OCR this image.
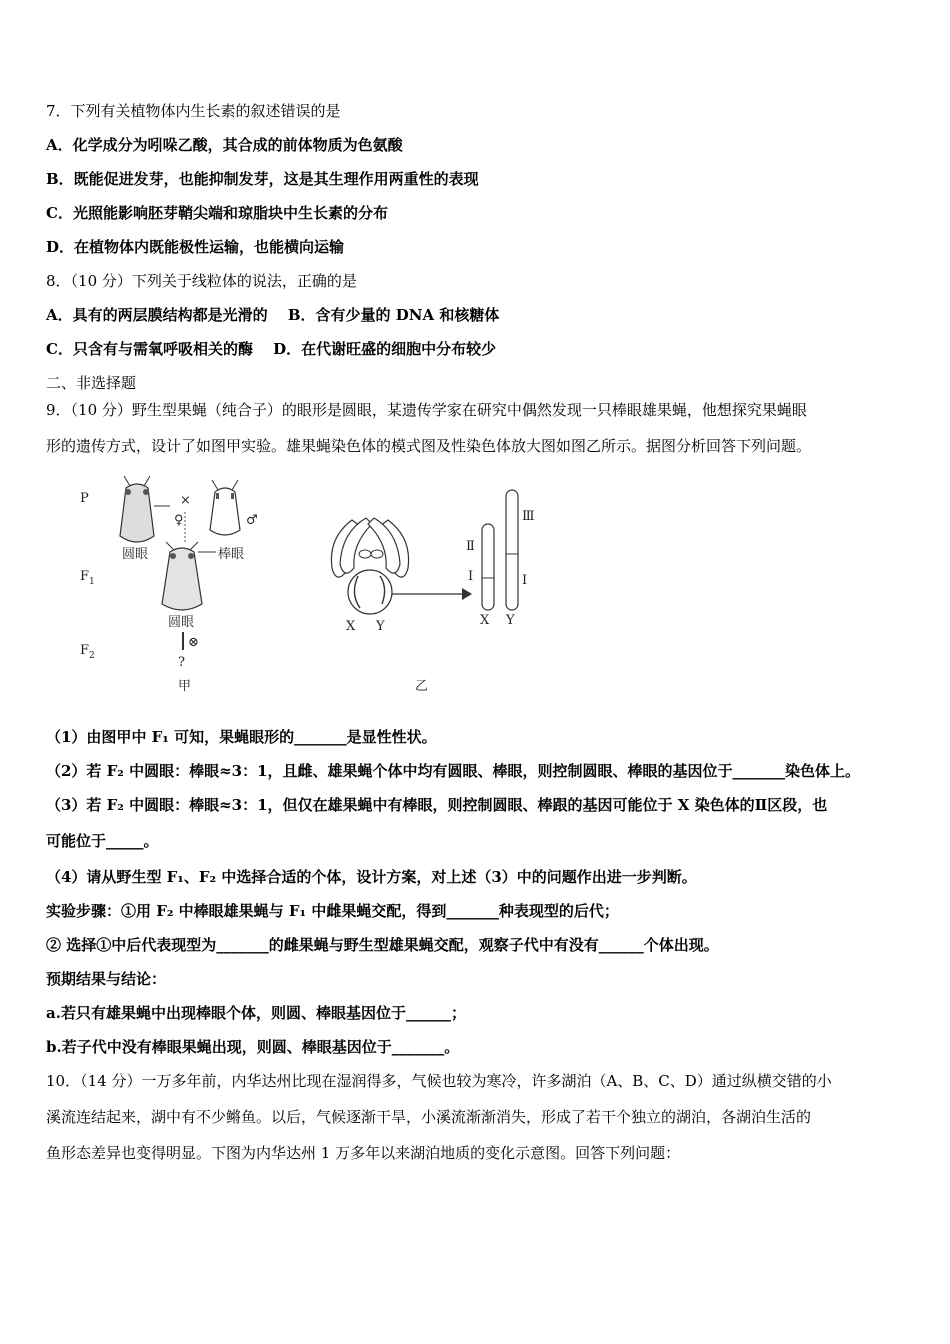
7．下列有关植物体内生长素的叙述错误的是
A．化学成分为吲哚乙酸，其合成的前体物质为色氨酸
B．既能促进发芽，也能抑制发芽，这是其生理作用两重性的表现
C．光照能影响胚芽鞘尖端和琼脂块中生长素的分布
D．在植物体内既能极性运输，也能横向运输
8．（10 分）下列关于线粒体的说法，正确的是
A．具有的两层膜结构都是光滑的　 B．含有少量的 DNA 和核糖体
C．只含有与需氧呼吸相关的酶　 D．在代谢旺盛的细胞中分布较少
二、非选择题
9．（10 分）野生型果蝇（纯合子）的眼形是圆眼，某遗传学家在研究中偶然发现一只棒眼雄果蝇，他想探究果蝇眼
形的遗传方式，设计了如图甲实验。雄果蝇染色体的模式图及性染色体放大图如图乙所示。据图分析回答下列问题。
P
$F_1$
$F_2$
×
♀	♂
圆眼	棒眼
圆眼
⊗
?
甲
X Y
Ⅱ
Ⅰ
Ⅲ
Ⅰ
X Y
乙
（1）由图甲中 F₁ 可知，果蝇眼形的_______是显性性状。
（2）若 F₂ 中圆眼：棒眼≈3：1，且雌、雄果蝇个体中均有圆眼、棒眼，则控制圆眼、棒眼的基因位于_______染色体上。
（3）若 F₂ 中圆眼：棒眼≈3：1，但仅在雄果蝇中有棒眼，则控制圆眼、棒跟的基因可能位于 X 染色体的Ⅱ区段，也
可能位于_____。
（4）请从野生型 F₁、F₂ 中选择合适的个体，设计方案，对上述（3）中的问题作出进一步判断。
实验步骤：①用 F₂ 中棒眼雄果蝇与 F₁ 中雌果蝇交配，得到_______种表现型的后代；
② 选择①中后代表现型为_______的雌果蝇与野生型雄果蝇交配，观察子代中有没有______个体出现。
预期结果与结论：
a.若只有雄果蝇中出现棒眼个体，则圆、棒眼基因位于______；
b.若子代中没有棒眼果蝇出现，则圆、棒眼基因位于_______。
10．（14 分）一万多年前，内华达州比现在湿润得多，气候也较为寒冷，许多湖泊（A、B、C、D）通过纵横交错的小
溪流连结起来，湖中有不少鳉鱼。以后，气候逐渐干旱，小溪流渐渐消失，形成了若干个独立的湖泊，各湖泊生活的
鱼形态差异也变得明显。下图为内华达州 1 万多年以来湖泊地质的变化示意图。回答下列问题：
